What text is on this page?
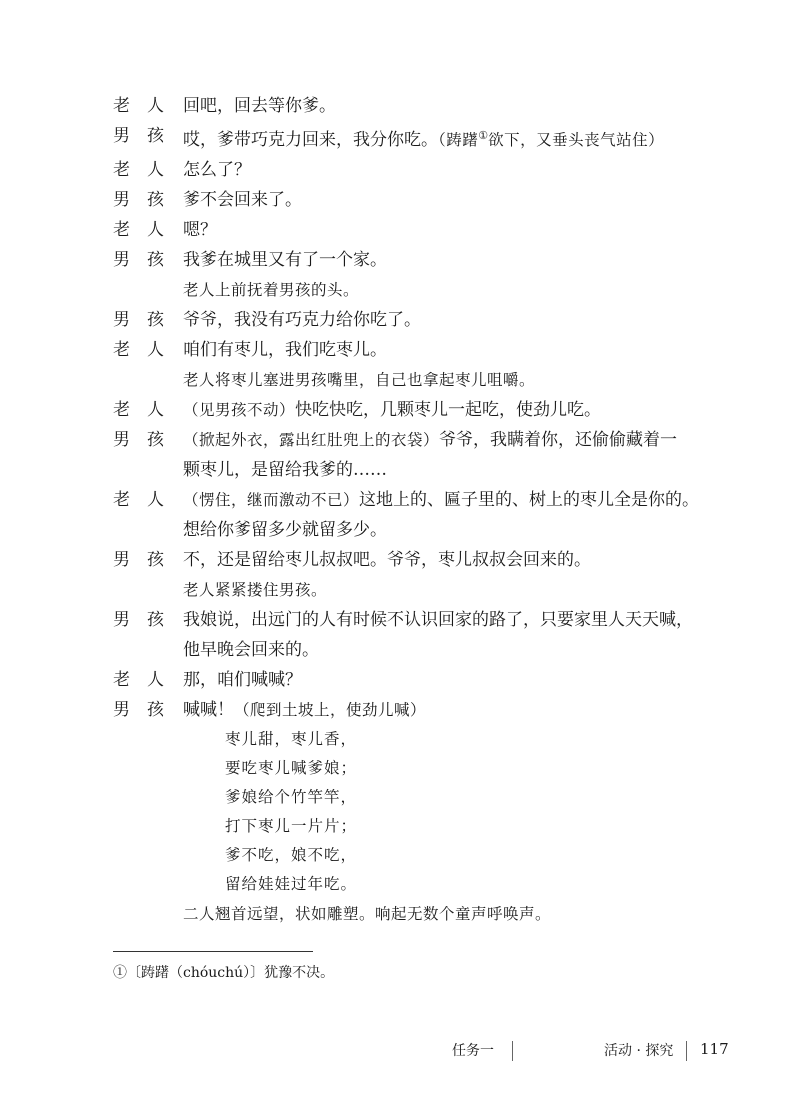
老　人	回吧，回去等你爹。
男　孩	哎，爹带巧克力回来，我分你吃。（踌躇①欲下，又垂头丧气站住）
老　人	怎么了？
男　孩	爹不会回来了。
老　人	嗯？
男　孩	我爹在城里又有了一个家。
老人上前抚着男孩的头。
男　孩	爷爷，我没有巧克力给你吃了。
老　人	咱们有枣儿，我们吃枣儿。
老人将枣儿塞进男孩嘴里，自己也拿起枣儿咀嚼。
老　人	（见男孩不动）快吃快吃，几颗枣儿一起吃，使劲儿吃。
男　孩	（掀起外衣，露出红肚兜上的衣袋）爷爷，我瞒着你，还偷偷藏着一
颗枣儿，是留给我爹的……
老　人	（愣住，继而激动不已）这地上的、匾子里的、树上的枣儿全是你的。
想给你爹留多少就留多少。
男　孩	不，还是留给枣儿叔叔吧。爷爷，枣儿叔叔会回来的。
老人紧紧搂住男孩。
男　孩	我娘说，出远门的人有时候不认识回家的路了，只要家里人天天喊，
他早晚会回来的。
老　人	那，咱们喊喊？
男　孩	喊喊！（爬到土坡上，使劲儿喊）
枣儿甜，枣儿香，
要吃枣儿喊爹娘；
爹娘给个竹竿竿，
打下枣儿一片片；
爹不吃，娘不吃，
留给娃娃过年吃。
二人翘首远望，状如雕塑。响起无数个童声呼唤声。
①〔踌躇（chóuchú）〕犹豫不决。
任务一	活动 · 探究 117
